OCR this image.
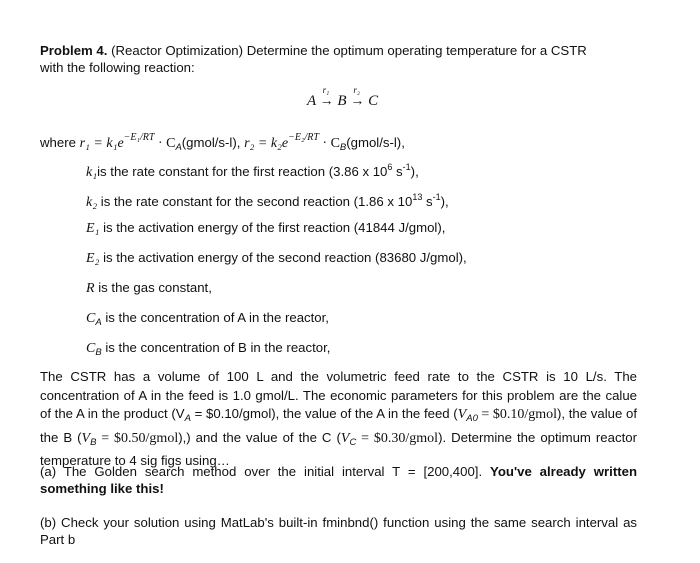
Problem 4. (Reactor Optimization) Determine the optimum operating temperature for a CSTR
with the following reaction:
A
r₁
→ B
r₂
→ C
where $r_1 = k_1e^{-E_1/RT}$ · $C_A(gmol/s-l)$, $r_2 = k_2e^{-E_2/RT}$ · $C_B(gmol/s-l)$,
k₁is the rate constant for the first reaction (3.86 x $10^6$ $s^{-1}$),
k₂ is the rate constant for the second reaction (1.86 x $10^{13}$ $s^{-1}$),
E₁ is the activation energy of the first reaction (41844 J/gmol),
E₂ is the activation energy of the second reaction (83680 J/gmol),
R is the gas constant,
$C_A$ is the concentration of A in the reactor,
$C_B$ is the concentration of B in the reactor,
The CSTR has a volume of 100 L and the volumetric feed rate to the CSTR is 10 L/s. The concentration of A in the feed is 1.0 gmol/L. The economic parameters for this problem are the calue of the A in the product ($V_A$ = $0.10/gmol), the value of the A in the feed ($V_{A0}$ = $0.10/gmol), the value of the B ($V_B$ = $0.50/gmol),) and the value of the C ($V_C$ = $0.30/gmol). Determine the optimum reactor temperature to 4 sig figs using…
(a) The Golden search method over the initial interval T = [200,400]. You've already written something like this!
(b) Check your solution using MatLab's built-in fminbnd() function using the same search interval as Part b
